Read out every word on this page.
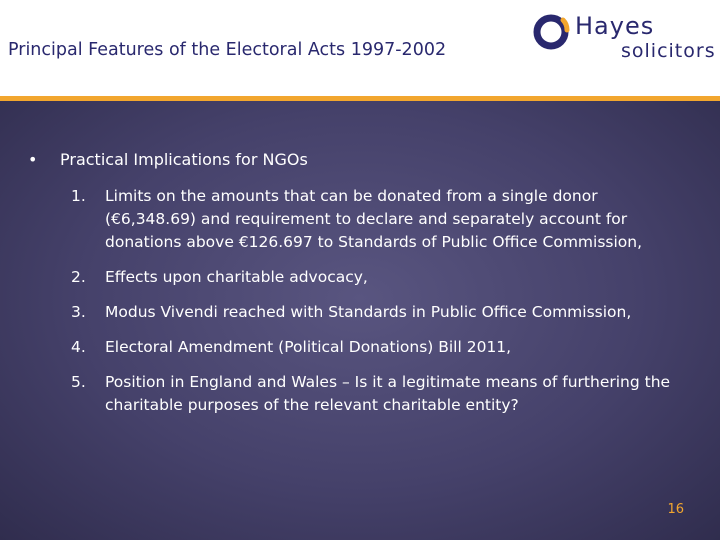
Principal Features of the Electoral Acts 1997-2002
Hayes
solicitors
• Practical Implications for NGOs
1. Limits on the amounts that can be donated from a single donor (€6,348.69) and requirement to declare and separately account for donations above €126.697 to Standards of Public Office Commission,
2. Effects upon charitable advocacy,
3. Modus Vivendi reached with Standards in Public Office Commission,
4. Electoral Amendment (Political Donations) Bill 2011,
5. Position in England and Wales – Is it a legitimate means of furthering the charitable purposes of the relevant charitable entity?
16
